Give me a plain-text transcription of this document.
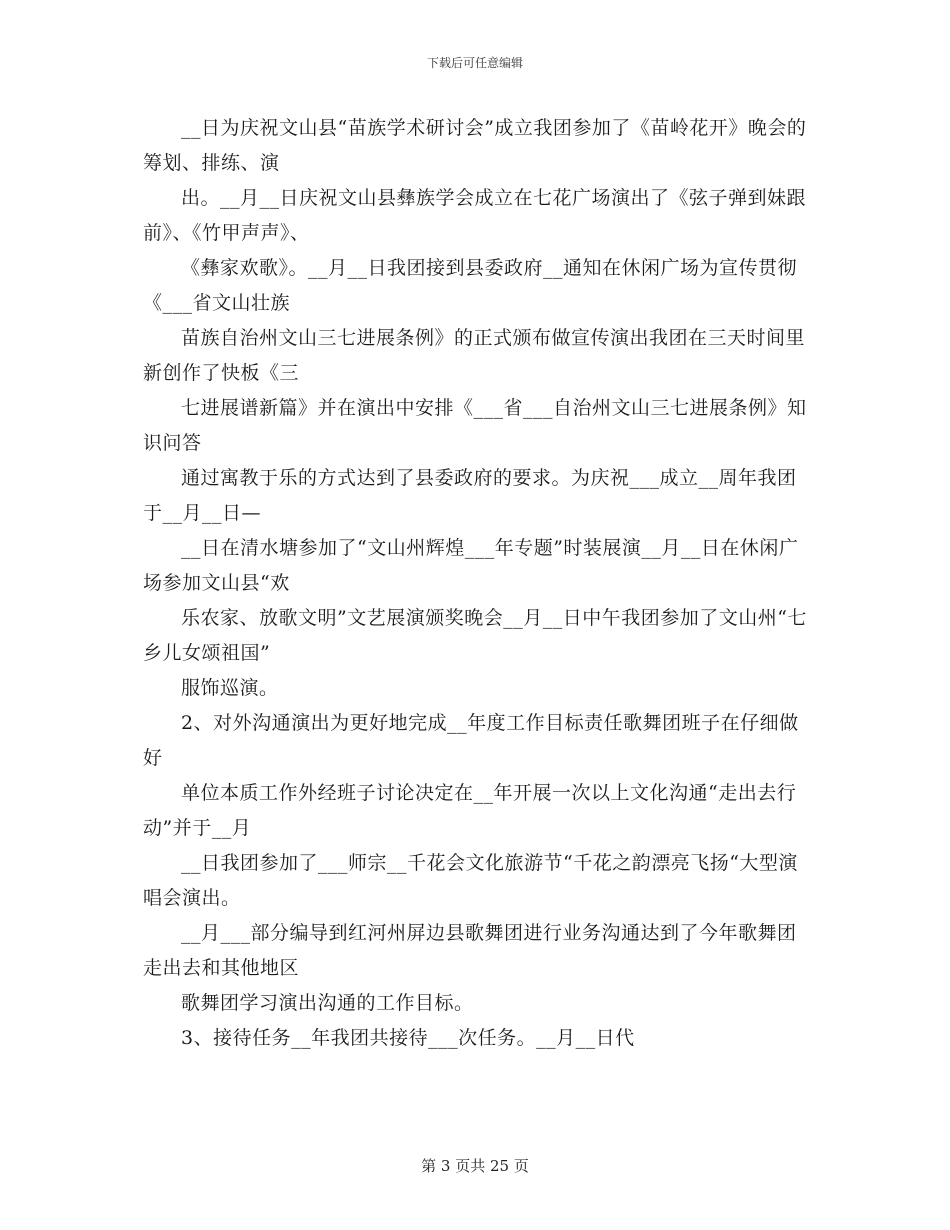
下载后可任意编辑

__日为庆祝文山县“苗族学术研讨会”成立我团参加了《苗岭花开》晚会的筹划、排练、演

出。__月__日庆祝文山县彝族学会成立在七花广场演出了《弦子弹到妹跟前》、《竹甲声声》、

《彝家欢歌》。__月__日我团接到县委政府__通知在休闲广场为宣传贯彻《___省文山壮族

苗族自治州文山三七进展条例》的正式颁布做宣传演出我团在三天时间里新创作了快板《三

七进展谱新篇》并在演出中安排《___省___自治州文山三七进展条例》知识问答

通过寓教于乐的方式达到了县委政府的要求。为庆祝___成立__周年我团于__月__日—

__日在清水塘参加了“文山州辉煌___年专题”时装展演__月__日在休闲广场参加文山县“欢

乐农家、放歌文明”文艺展演颁奖晚会__月__日中午我团参加了文山州“七乡儿女颂祖国”

服饰巡演。

2、对外沟通演出为更好地完成__年度工作目标责任歌舞团班子在仔细做好

单位本质工作外经班子讨论决定在__年开展一次以上文化沟通“走出去行动”并于__月

__日我团参加了___师宗__千花会文化旅游节“千花之韵漂亮飞扬“大型演唱会演出。

__月___部分编导到红河州屏边县歌舞团进行业务沟通达到了今年歌舞团走出去和其他地区

歌舞团学习演出沟通的工作目标。

3、接待任务__年我团共接待___次任务。__月__日代

第 3 页共 25 页
